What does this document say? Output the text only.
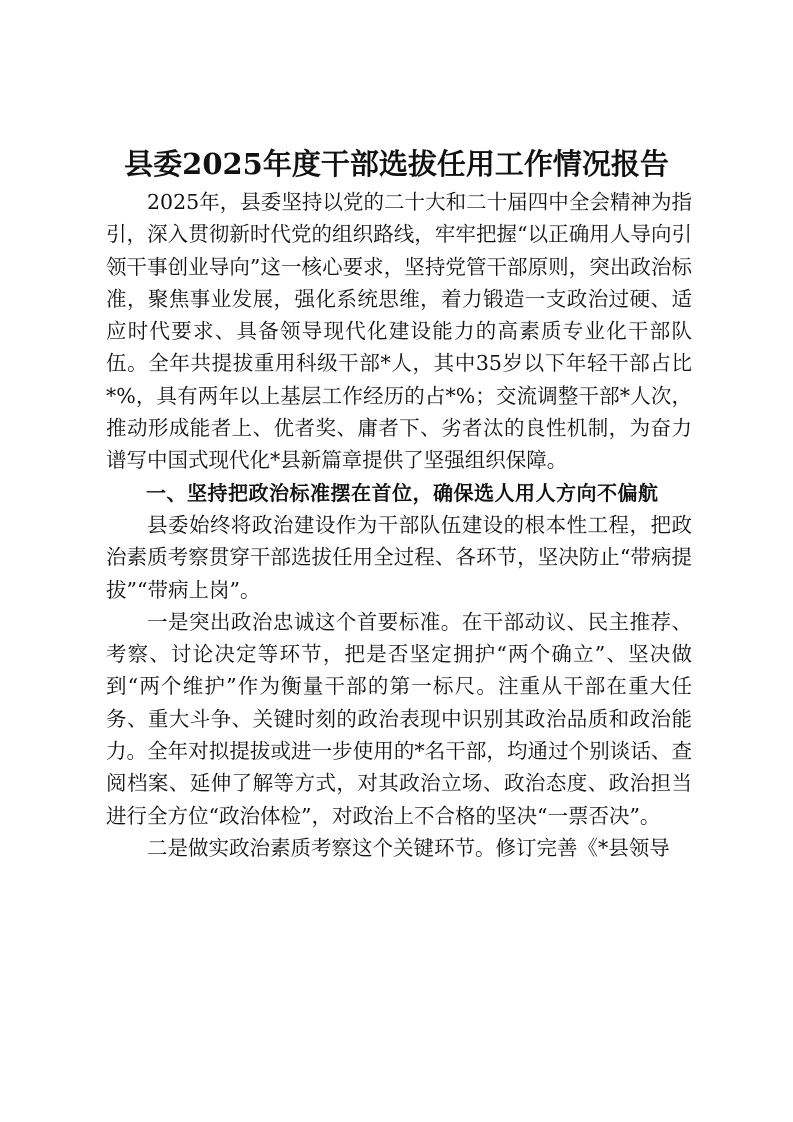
县委2025年度干部选拔任用工作情况报告

2025年，县委坚持以党的二十大和二十届四中全会精神为指引，深入贯彻新时代党的组织路线，牢牢把握“以正确用人导向引领干事创业导向”这一核心要求，坚持党管干部原则，突出政治标准，聚焦事业发展，强化系统思维，着力锻造一支政治过硬、适应时代要求、具备领导现代化建设能力的高素质专业化干部队伍。全年共提拔重用科级干部*人，其中35岁以下年轻干部占比*%，具有两年以上基层工作经历的占*%；交流调整干部*人次，推动形成能者上、优者奖、庸者下、劣者汰的良性机制，为奋力谱写中国式现代化*县新篇章提供了坚强组织保障。

一、坚持把政治标准摆在首位，确保选人用人方向不偏航

县委始终将政治建设作为干部队伍建设的根本性工程，把政治素质考察贯穿干部选拔任用全过程、各环节，坚决防止“带病提拔”“带病上岗”。

一是突出政治忠诚这个首要标准。在干部动议、民主推荐、考察、讨论决定等环节，把是否坚定拥护“两个确立”、坚决做到“两个维护”作为衡量干部的第一标尺。注重从干部在重大任务、重大斗争、关键时刻的政治表现中识别其政治品质和政治能力。全年对拟提拔或进一步使用的*名干部，均通过个别谈话、查阅档案、延伸了解等方式，对其政治立场、政治态度、政治担当进行全方位“政治体检”，对政治上不合格的坚决“一票否决”。

二是做实政治素质考察这个关键环节。修订完善《*县领导
